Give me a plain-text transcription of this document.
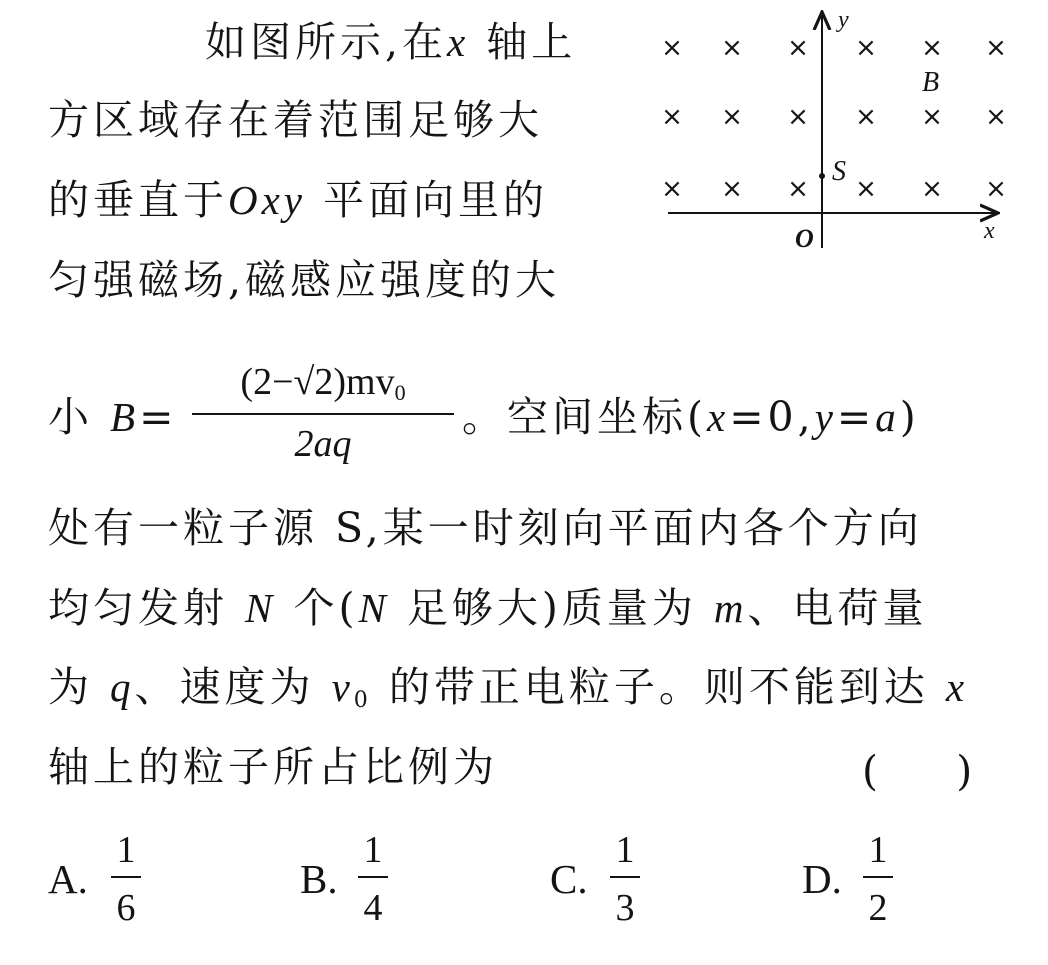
如图所示,在x 轴上
方区域存在着范围足够大
的垂直于Oxy 平面向里的
匀强磁场,磁感应强度的大
小 B=
$(2-√2)mv_0$
2aq
。空间坐标(x=0,y=a)
处有一粒子源 S,某一时刻向平面内各个方向
均匀发射 N 个(N 足够大)质量为 m、电荷量
为 q、速度为 $v_0$ 的带正电粒子。则不能到达 x
轴上的粒子所占比例为	(      )
A.
1
6
B.
1
4
C.
1
3
D.
1
2
× × × × × ×
× × × × × ×
× × × × × ×
y
x
O
B
S
